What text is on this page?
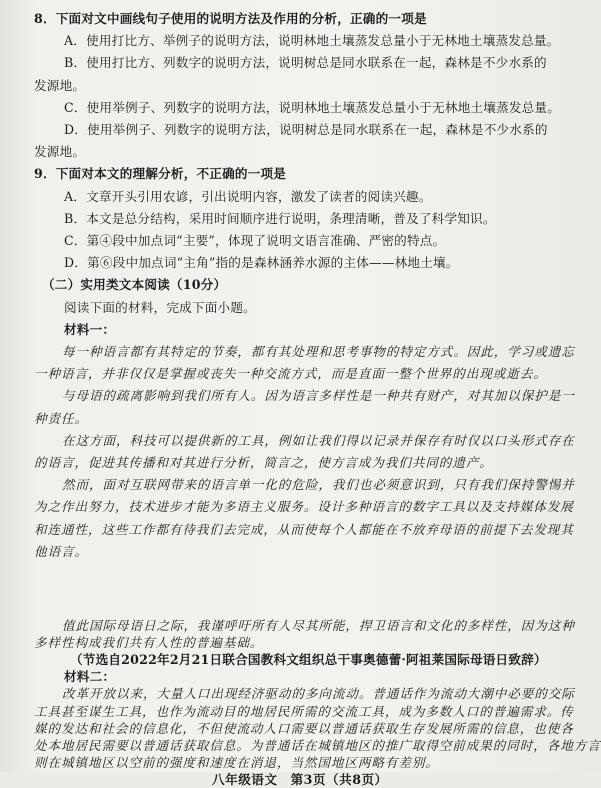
8．下面对文中画线句子使用的说明方法及作用的分析，正确的一项是
A．使用打比方、举例子的说明方法，说明林地土壤蒸发总量小于无林地土壤蒸发总量。
B．使用打比方、列数字的说明方法，说明树总是同水联系在一起，森林是不少水系的
发源地。
C．使用举例子、列数字的说明方法，说明林地土壤蒸发总量小于无林地土壤蒸发总量。
D．使用举例子、列数字的说明方法，说明树总是同水联系在一起，森林是不少水系的
发源地。
9．下面对本文的理解分析，不正确的一项是
A．文章开头引用农谚，引出说明内容，激发了读者的阅读兴趣。
B．本文是总分结构，采用时间顺序进行说明，条理清晰，普及了科学知识。
C．第④段中加点词“主要”，体现了说明文语言准确、严密的特点。
D．第⑥段中加点词“主角”指的是森林涵养水源的主体——林地土壤。
（二）实用类文本阅读（10分）
阅读下面的材料，完成下面小题。
材料一：
每一种语言都有其特定的节奏，都有其处理和思考事物的特定方式。因此，学习或遗忘
一种语言，并非仅仅是掌握或丧失一种交流方式，而是直面一整个世界的出现或逝去。
与母语的疏离影响到我们所有人。因为语言多样性是一种共有财产，对其加以保护是一
种责任。
在这方面，科技可以提供新的工具，例如让我们得以记录并保存有时仅以口头形式存在
的语言，促进其传播和对其进行分析，简言之，使方言成为我们共同的遗产。
然而，面对互联网带来的语言单一化的危险，我们也必须意识到，只有我们保持警惕并
为之作出努力，技术进步才能为多语主义服务。设计多种语言的数字工具以及支持媒体发展
和连通性，这些工作都有待我们去完成，从而使每个人都能在不放弃母语的前提下去发现其
他语言。
值此国际母语日之际，我谨呼吁所有人尽其所能，捍卫语言和文化的多样性，因为这种
多样性构成我们共有人性的普遍基础。
（节选自2022年2月21日联合国教科文组织总干事奥德蕾·阿祖莱国际母语日致辞）
材料二：
改革开放以来，大量人口出现经济驱动的多向流动。普通话作为流动大潮中必要的交际
工具甚至谋生工具，也作为流动目的地居民所需的交流工具，成为多数人口的普遍需求。传
媒的发达和社会的信息化，不但使流动人口需要以普通话获取生存发展所需的信息，也使各
处本地居民需要以普通话获取信息。为普通话在城镇地区的推广取得空前成果的同时，各地方言
则在城镇地区以空前的强度和速度在消退，当然国地区两略有差别。
八年级语文　第3页（共8页）
